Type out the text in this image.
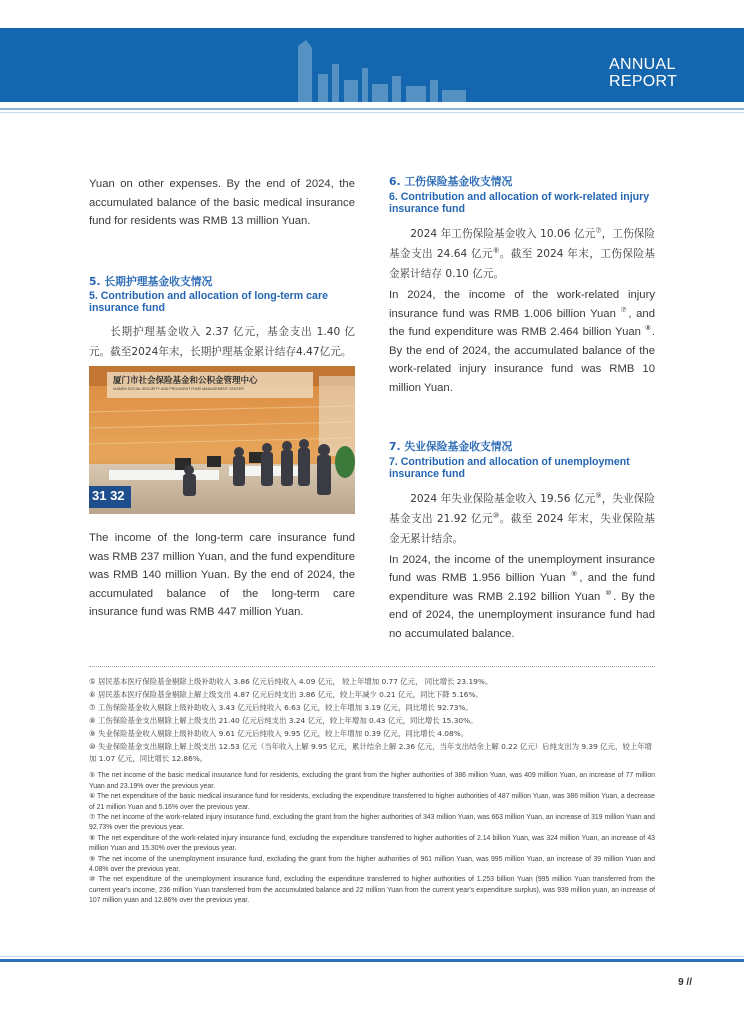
ANNUAL
REPORT

Yuan on other expenses. By the end of 2024, the accumulated balance of the basic medical insurance fund for residents was RMB 13 million Yuan.

5. 长期护理基金收支情况

5. Contribution and allocation of long-term care insurance fund

长期护理基金收入 2.37 亿元，基金支出 1.40 亿元。截至2024年末，长期护理基金累计结存4.47亿元。

厦门市社会保险基金和公积金管理中心
XIAMEN SOCIAL SECURITY AND PROVIDENT FUND MANAGEMENT CENTER
31 32

The income of the long-term care insurance fund was RMB 237 million Yuan, and the fund expenditure was RMB 140 million Yuan. By the end of 2024, the accumulated balance of the long-term care insurance fund was RMB 447 million Yuan.

6. 工伤保险基金收支情况

6. Contribution and allocation of work-related injury insurance fund

2024 年工伤保险基金收入 10.06 亿元⑦，工伤保险基金支出 24.64 亿元⑧。截至 2024 年末，工伤保险基金累计结存 0.10 亿元。

In 2024, the income of the work-related injury insurance fund was RMB 1.006 billion Yuan ⑦, and the fund expenditure was RMB 2.464 billion Yuan ⑧. By the end of 2024, the accumulated balance of the work-related injury insurance fund was RMB 10 million Yuan.

7. 失业保险基金收支情况

7. Contribution and allocation of unemployment insurance fund

2024 年失业保险基金收入 19.56 亿元⑨，失业保险基金支出 21.92 亿元⑩。截至 2024 年末，失业保险基金无累计结余。

In 2024, the income of the unemployment insurance fund was RMB 1.956 billion Yuan ⑨, and the fund expenditure was RMB 2.192 billion Yuan ⑩. By the end of 2024, the unemployment insurance fund had no accumulated balance.

⑤ 居民基本医疗保险基金剔除上级补助收入 3.86 亿元后纯收入 4.09 亿元， 较上年增加 0.77 亿元， 同比增长 23.19%。

⑥ 居民基本医疗保险基金剔除上解上级支出 4.87 亿元后纯支出 3.86 亿元，较上年减少 0.21 亿元，同比下降 5.16%。

⑦ 工伤保险基金收入剔除上级补助收入 3.43 亿元后纯收入 6.63 亿元，较上年增加 3.19 亿元，同比增长 92.73%。

⑧ 工伤保险基金支出剔除上解上级支出 21.40 亿元后纯支出 3.24 亿元，较上年增加 0.43 亿元，同比增长 15.30%。

⑨ 失业保险基金收入剔除上级补助收入 9.61 亿元后纯收入 9.95 亿元，较上年增加 0.39 亿元，同比增长 4.08%。

⑩ 失业保险基金支出剔除上解上级支出 12.53 亿元（当年收入上解 9.95 亿元，累计结余上解 2.36 亿元，当年支出结余上解 0.22 亿元）后纯支出为 9.39 亿元，较上年增加 1.07 亿元，同比增长 12.86%。

⑤ The net income of the basic medical insurance fund for residents, excluding the grant from the higher authorities of 386 million Yuan, was 409 million Yuan, an increase of 77 million Yuan and 23.19% over the previous year.

⑥ The net expenditure of the basic medical insurance fund for residents, excluding the expenditure transferred to higher authorities of 487 million Yuan, was 386 million Yuan, a decrease of 21 million Yuan and 5.16% over the previous year.

⑦ The net income of the work-related injury insurance fund, excluding the grant from the higher authorities of 343 million Yuan, was 663 million Yuan, an increase of 319 million Yuan and 92.73% over the previous year.

⑧ The net expenditure of the work-related injury insurance fund, excluding the expenditure transferred to higher authorities of 2.14 billion Yuan, was 324 million Yuan, an increase of 43 million Yuan and 15.30% over the previous year.

⑨ The net income of the unemployment insurance fund, excluding the grant from the higher authorities of 961 million Yuan, was 995 million Yuan, an increase of 39 million Yuan and 4.08% over the previous year.

⑩ The net expenditure of the unemployment insurance fund, excluding the expenditure transferred to higher authorities of 1.253 billion Yuan (995 million Yuan transferred from the current year's income, 236 million Yuan transferred from the accumulated balance and 22 million Yuan from the current year's expenditure surplus), was 939 million yuan, an increase of 107 million yuan and 12.86% over the previous year.

9 //
